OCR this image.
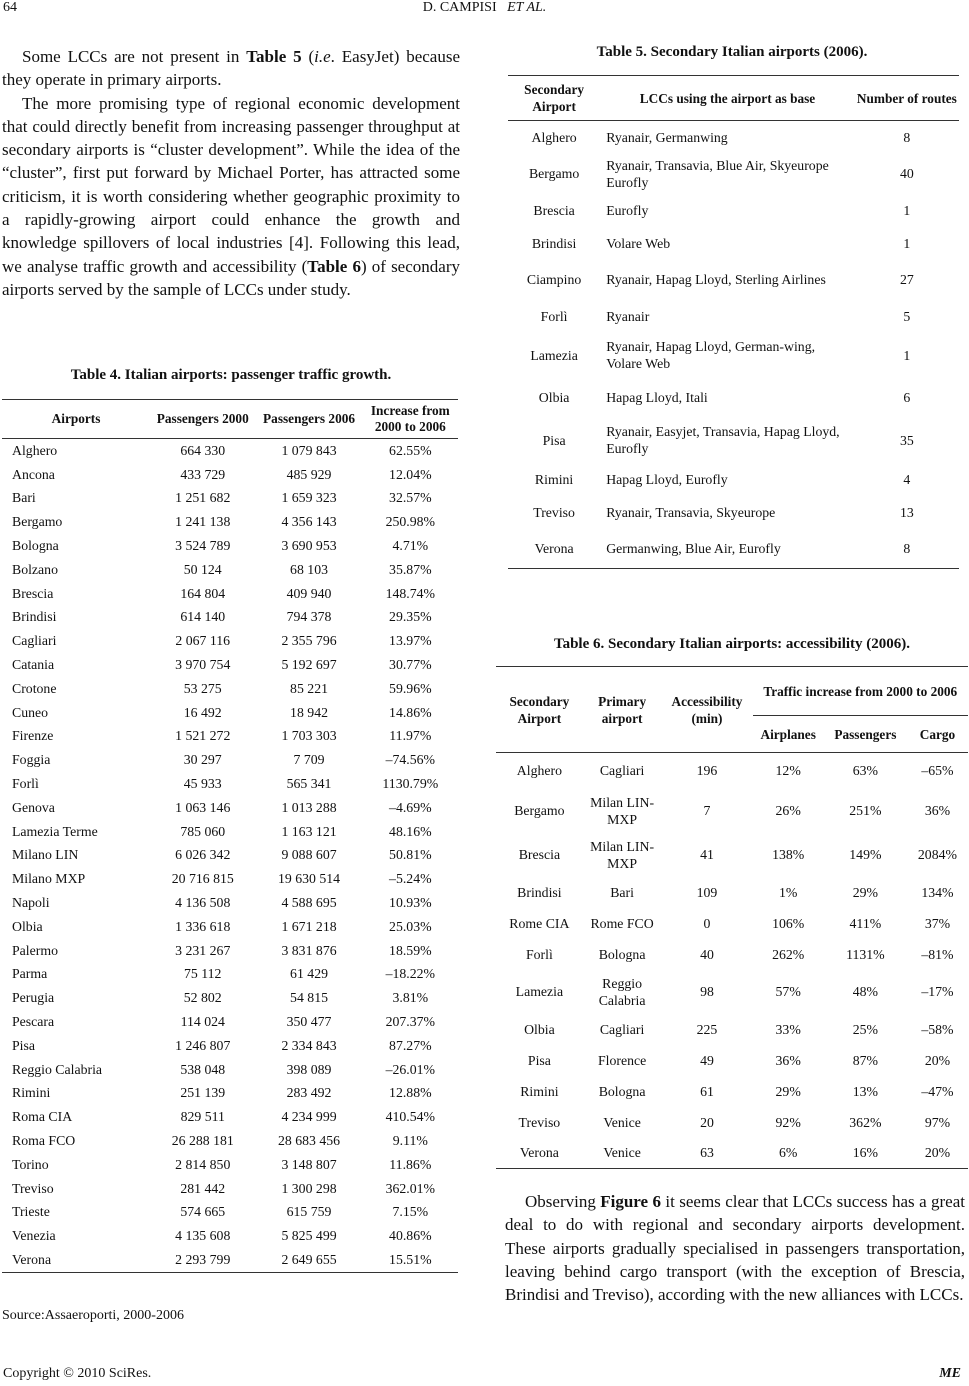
64	D. CAMPISI ET AL.

Some LCCs are not present in Table 5 (i.e. EasyJet) because they operate in primary airports.

The more promising type of regional economic development that could directly benefit from increasing passenger throughput at secondary airports is “cluster development”. While the idea of the “cluster”, first put forward by Michael Porter, has attracted some criticism, it is worth considering whether geographic proximity to a rapidly-growing airport could enhance the growth and knowledge spillovers of local industries [4]. Following this lead, we analyse traffic growth and accessibility (Table 6) of secondary airports served by the sample of LCCs under study.

Table 4. Italian airports: passenger traffic growth.
Airports	Passengers 2000	Passengers 2006	Increase from 2000 to 2006
Alghero	664 330	1 079 843	62.55%
Ancona	433 729	485 929	12.04%
Bari	1 251 682	1 659 323	32.57%
Bergamo	1 241 138	4 356 143	250.98%
Bologna	3 524 789	3 690 953	4.71%
Bolzano	50 124	68 103	35.87%
Brescia	164 804	409 940	148.74%
Brindisi	614 140	794 378	29.35%
Cagliari	2 067 116	2 355 796	13.97%
Catania	3 970 754	5 192 697	30.77%
Crotone	53 275	85 221	59.96%
Cuneo	16 492	18 942	14.86%
Firenze	1 521 272	1 703 303	11.97%
Foggia	30 297	7 709	–74.56%
Forlì	45 933	565 341	1130.79%
Genova	1 063 146	1 013 288	–4.69%
Lamezia Terme	785 060	1 163 121	48.16%
Milano LIN	6 026 342	9 088 607	50.81%
Milano MXP	20 716 815	19 630 514	–5.24%
Napoli	4 136 508	4 588 695	10.93%
Olbia	1 336 618	1 671 218	25.03%
Palermo	3 231 267	3 831 876	18.59%
Parma	75 112	61 429	–18.22%
Perugia	52 802	54 815	3.81%
Pescara	114 024	350 477	207.37%
Pisa	1 246 807	2 334 843	87.27%
Reggio Calabria	538 048	398 089	–26.01%
Rimini	251 139	283 492	12.88%
Roma CIA	829 511	4 234 999	410.54%
Roma FCO	26 288 181	28 683 456	9.11%
Torino	2 814 850	3 148 807	11.86%
Treviso	281 442	1 300 298	362.01%
Trieste	574 665	615 759	7.15%
Venezia	4 135 608	5 825 499	40.86%
Verona	2 293 799	2 649 655	15.51%
Source:Assaeroporti, 2000-2006
Table 5. Secondary Italian airports (2006).
Secondary Airport	LCCs using the airport as base	Number of routes
Alghero	Ryanair, Germanwing	8
Bergamo	Ryanair, Transavia, Blue Air, Skyeurope Eurofly	40
Brescia	Eurofly	1
Brindisi	Volare Web	1
Ciampino	Ryanair, Hapag Lloyd, Sterling Airlines	27
Forlì	Ryanair	5
Lamezia	Ryanair, Hapag Lloyd, German-wing, Volare Web	1
Olbia	Hapag Lloyd, Itali	6
Pisa	Ryanair, Easyjet, Transavia, Hapag Lloyd, Eurofly	35
Rimini	Hapag Lloyd, Eurofly	4
Treviso	Ryanair, Transavia, Skyeurope	13
Verona	Germanwing, Blue Air, Eurofly	8
Table 6. Secondary Italian airports: accessibility (2006).
Secondary Airport	Primary airport	Accessibility (min)	Traffic increase from 2000 to 2006		
			Airplanes	Passengers	Cargo
Alghero	Cagliari	196	12%	63%	–65%
Bergamo	Milan LIN-MXP	7	26%	251%	36%
Brescia	Milan LIN-MXP	41	138%	149%	2084%
Brindisi	Bari	109	1%	29%	134%
Rome CIA	Rome FCO	0	106%	411%	37%
Forlì	Bologna	40	262%	1131%	–81%
Lamezia	Reggio Calabria	98	57%	48%	–17%
Olbia	Cagliari	225	33%	25%	–58%
Pisa	Florence	49	36%	87%	20%
Rimini	Bologna	61	29%	13%	–47%
Treviso	Venice	20	92%	362%	97%
Verona	Venice	63	6%	16%	20%

Observing Figure 6 it seems clear that LCCs success has a great deal to do with regional and secondary airports development. These airports gradually specialised in passengers transportation, leaving behind cargo transport (with the exception of Brescia, Brindisi and Treviso), according with the new alliances with LCCs.

Copyright © 2010 SciRes.	ME
